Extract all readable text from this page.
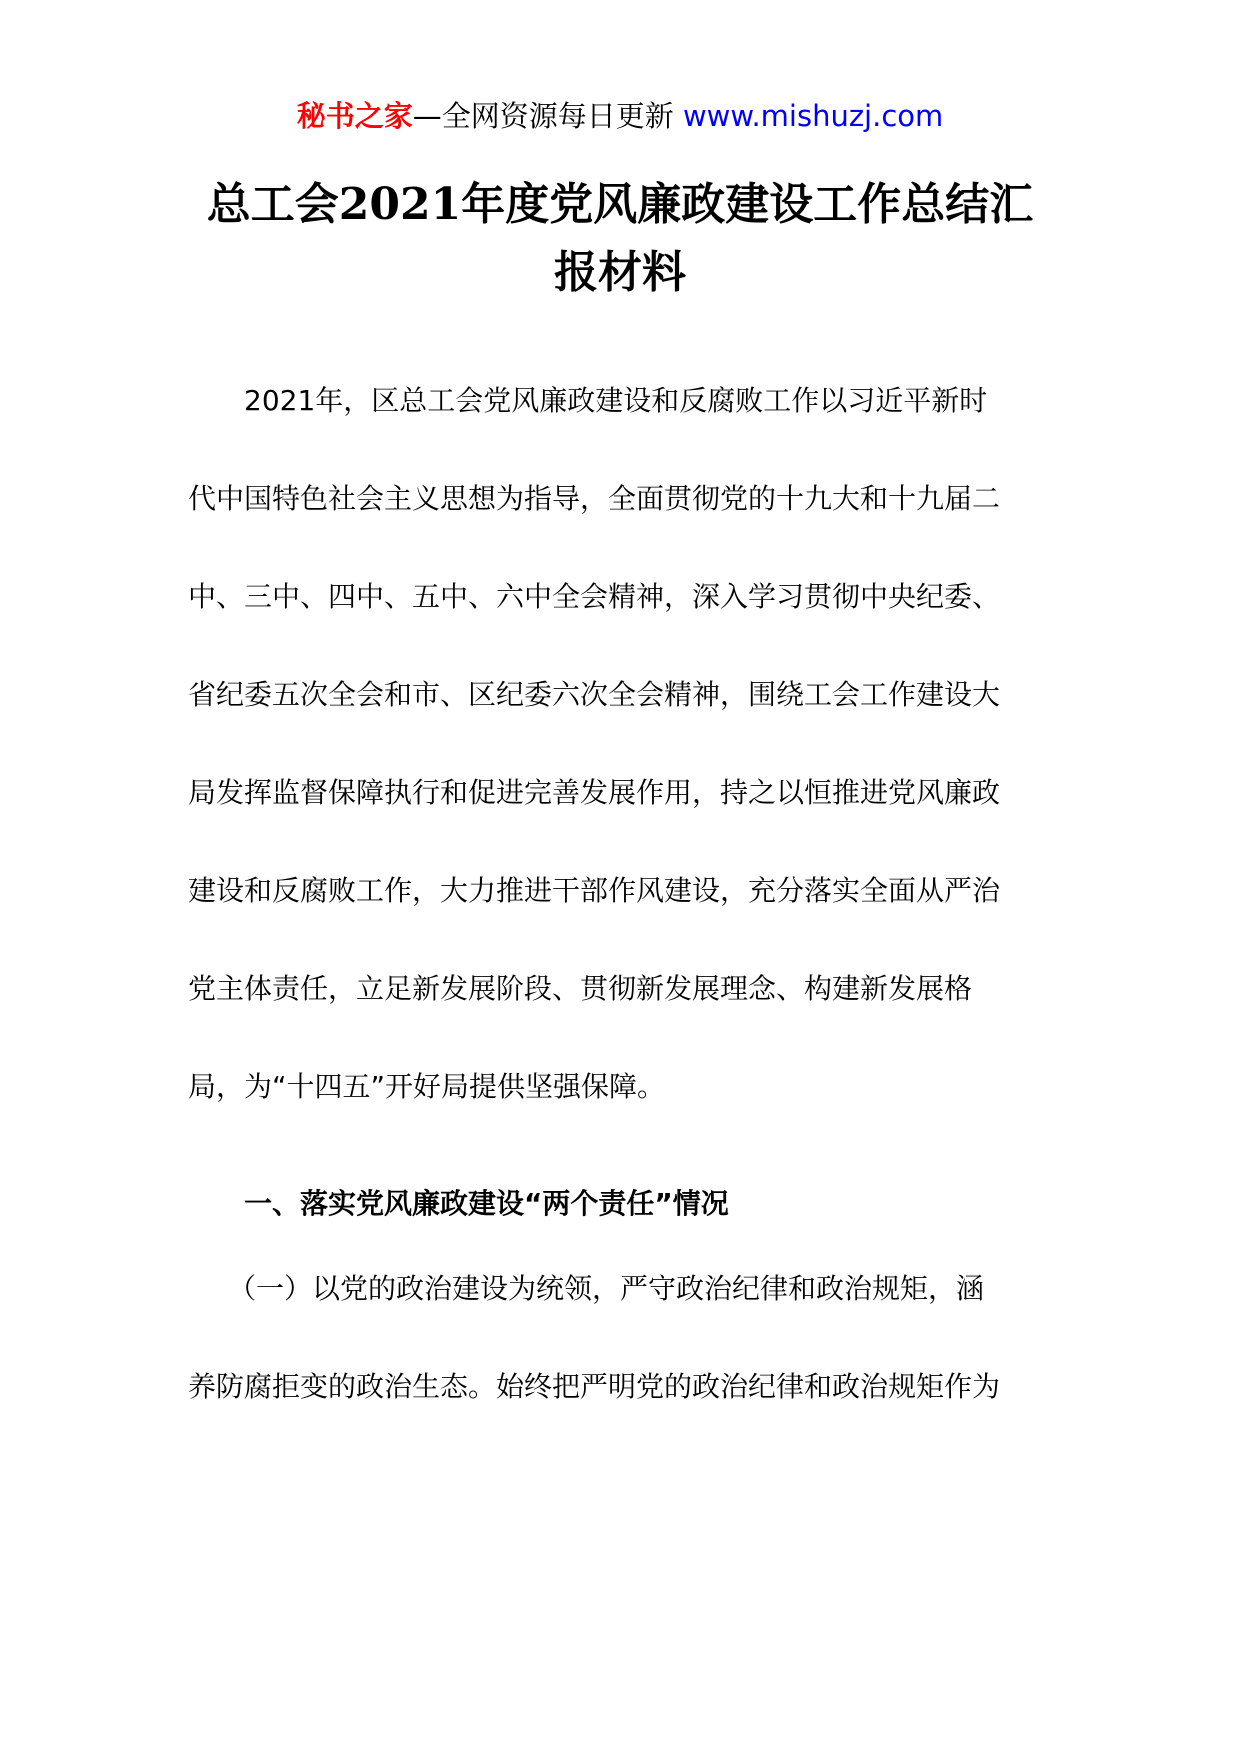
秘书之家—全网资源每日更新 www.mishuzj.com
总工会2021年度党风廉政建设工作总结汇
报材料
2021年，区总工会党风廉政建设和反腐败工作以习近平新时
代中国特色社会主义思想为指导，全面贯彻党的十九大和十九届二
中、三中、四中、五中、六中全会精神，深入学习贯彻中央纪委、
省纪委五次全会和市、区纪委六次全会精神，围绕工会工作建设大
局发挥监督保障执行和促进完善发展作用，持之以恒推进党风廉政
建设和反腐败工作，大力推进干部作风建设，充分落实全面从严治
党主体责任，立足新发展阶段、贯彻新发展理念、构建新发展格
局，为“十四五”开好局提供坚强保障。
一、落实党风廉政建设“两个责任”情况
（一）以党的政治建设为统领，严守政治纪律和政治规矩，涵
养防腐拒变的政治生态。始终把严明党的政治纪律和政治规矩作为
